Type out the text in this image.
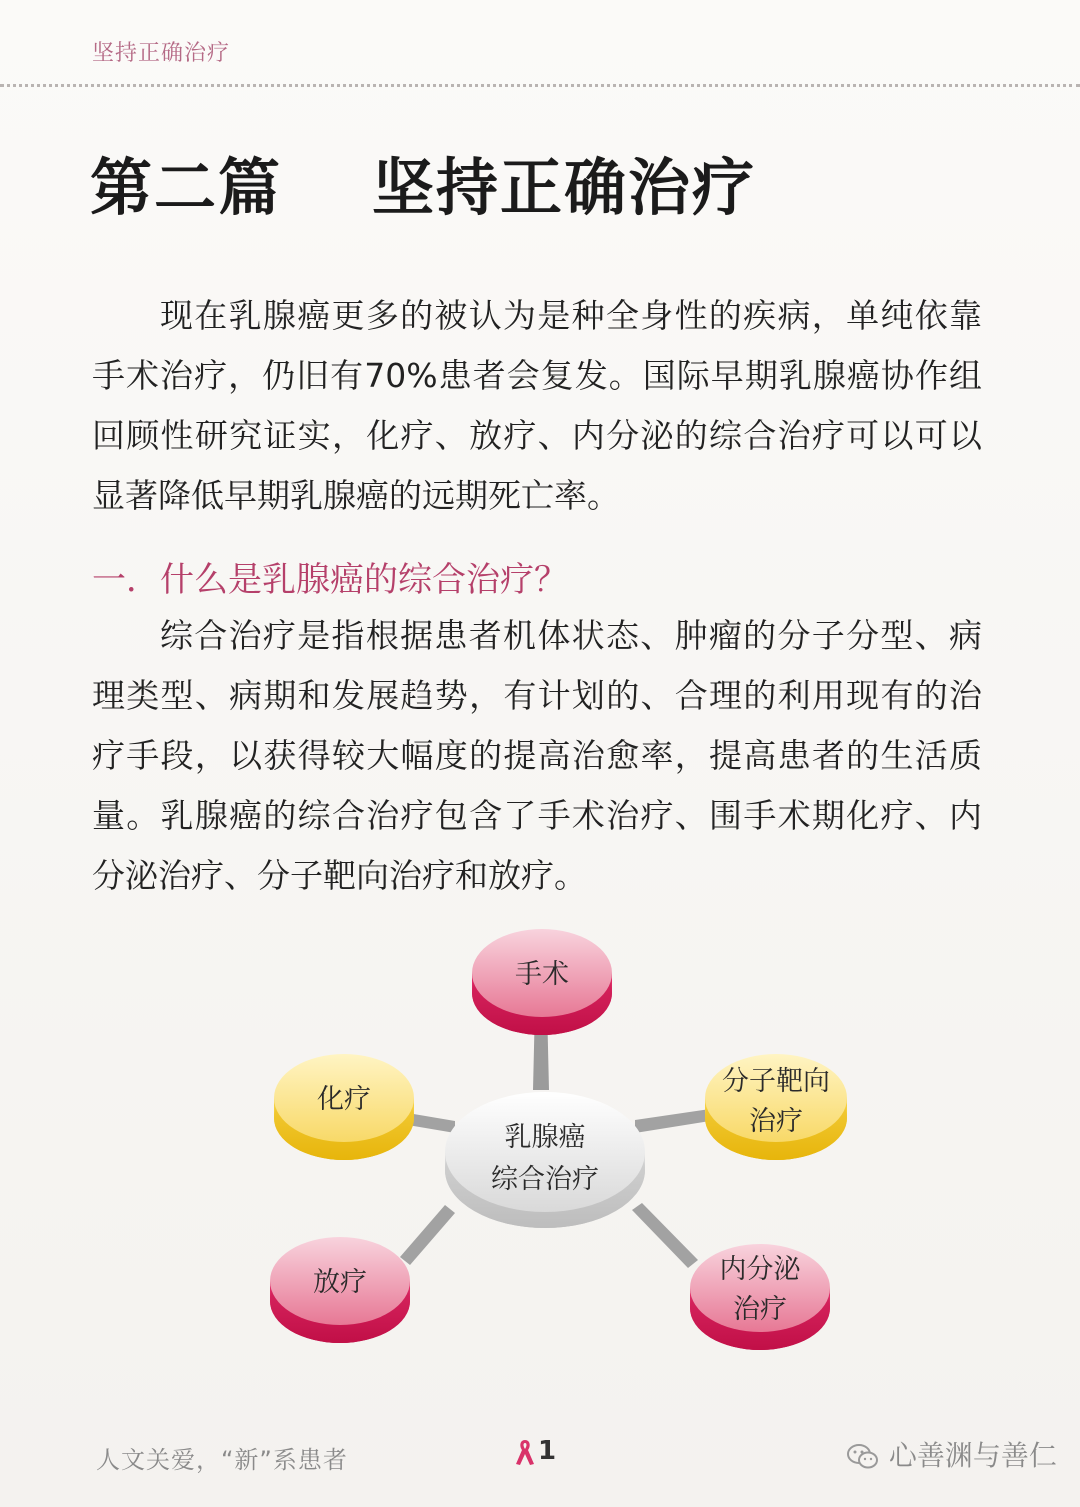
坚持正确治疗
第二篇 坚持正确治疗

现在乳腺癌更多的被认为是种全身性的疾病，单纯依靠手术治疗，仍旧有70%患者会复发。国际早期乳腺癌协作组回顾性研究证实，化疗、放疗、内分泌的综合治疗可以可以显著降低早期乳腺癌的远期死亡率。

一．什么是乳腺癌的综合治疗？

综合治疗是指根据患者机体状态、肿瘤的分子分型、病理类型、病期和发展趋势，有计划的、合理的利用现有的治疗手段，以获得较大幅度的提高治愈率，提高患者的生活质量。乳腺癌的综合治疗包含了手术治疗、围手术期化疗、内分泌治疗、分子靶向治疗和放疗。

乳腺癌
综合治疗
手术
化疗
分子靶向
治疗
放疗	内分泌
治疗
人文关爱，“新”系患者	1	心善渊与善仁
